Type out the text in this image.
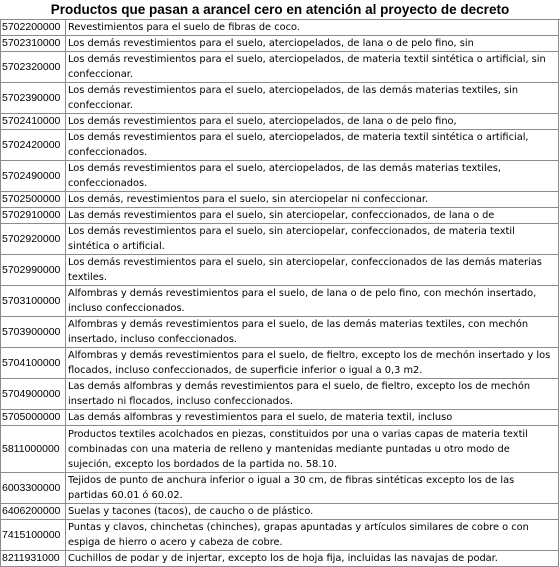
Productos que pasan a arancel cero en atención al proyecto de decreto
5702200000	Revestimientos para el suelo de fibras de coco.
5702310000	Los demás revestimientos para el suelo, aterciopelados, de lana o de pelo fino, sin
5702320000	Los demás revestimientos para el suelo, aterciopelados, de materia textil sintética o artificial, sin confeccionar.
5702390000	Los demás revestimientos para el suelo, aterciopelados, de las demás materias textiles, sin confeccionar.
5702410000	Los demás revestimientos para el suelo, aterciopelados, de lana o de pelo fino,
5702420000	Los demás revestimientos para el suelo, aterciopelados, de materia textil sintética o artificial, confeccionados.
5702490000	Los demás revestimientos para el suelo, aterciopelados, de las demás materias textiles, confeccionados.
5702500000	Los demás, revestimientos para el suelo, sin aterciopelar ni confeccionar.
5702910000	Las demás revestimientos para el suelo, sin aterciopelar, confeccionados, de lana o de
5702920000	Los demás revestimientos para el suelo, sin aterciopelar, confeccionados, de materia textil sintética o artificial.
5702990000	Los demás revestimientos para el suelo, sin aterciopelar, confeccionados de las demás materias textiles.
5703100000	Alfombras y demás revestimientos para el suelo, de lana o de pelo fino, con mechón insertado, incluso confeccionados.
5703900000	Alfombras y demás revestimientos para el suelo, de las demás materias textiles, con mechón insertado, incluso confeccionados.
5704100000	Alfombras y demás revestimientos para el suelo, de fieltro, excepto los de mechón insertado y los flocados, incluso confeccionados, de superficie inferior o igual a 0,3 m2.
5704900000	Las demás alfombras y demás revestimientos para el suelo, de fieltro, excepto los de mechón insertado ni flocados, incluso confeccionados.
5705000000	Las demás alfombras y revestimientos para el suelo, de materia textil, incluso
5811000000	Productos textiles acolchados en piezas, constituidos por una o varias capas de materia textil combinadas con una materia de relleno y mantenidas mediante puntadas u otro modo de sujeción, excepto los bordados de la partida no. 58.10.
6003300000	Tejidos de punto de anchura inferior o igual a 30 cm, de fibras sintéticas excepto los de las partidas 60.01 ó 60.02.
6406200000	Suelas y tacones (tacos), de caucho o de plástico.
7415100000	Puntas y clavos, chinchetas (chinches), grapas apuntadas y artículos similares de cobre o con espiga de hierro o acero y cabeza de cobre.
8211931000	Cuchillos de podar y de injertar, excepto los de hoja fija, incluidas las navajas de podar.
